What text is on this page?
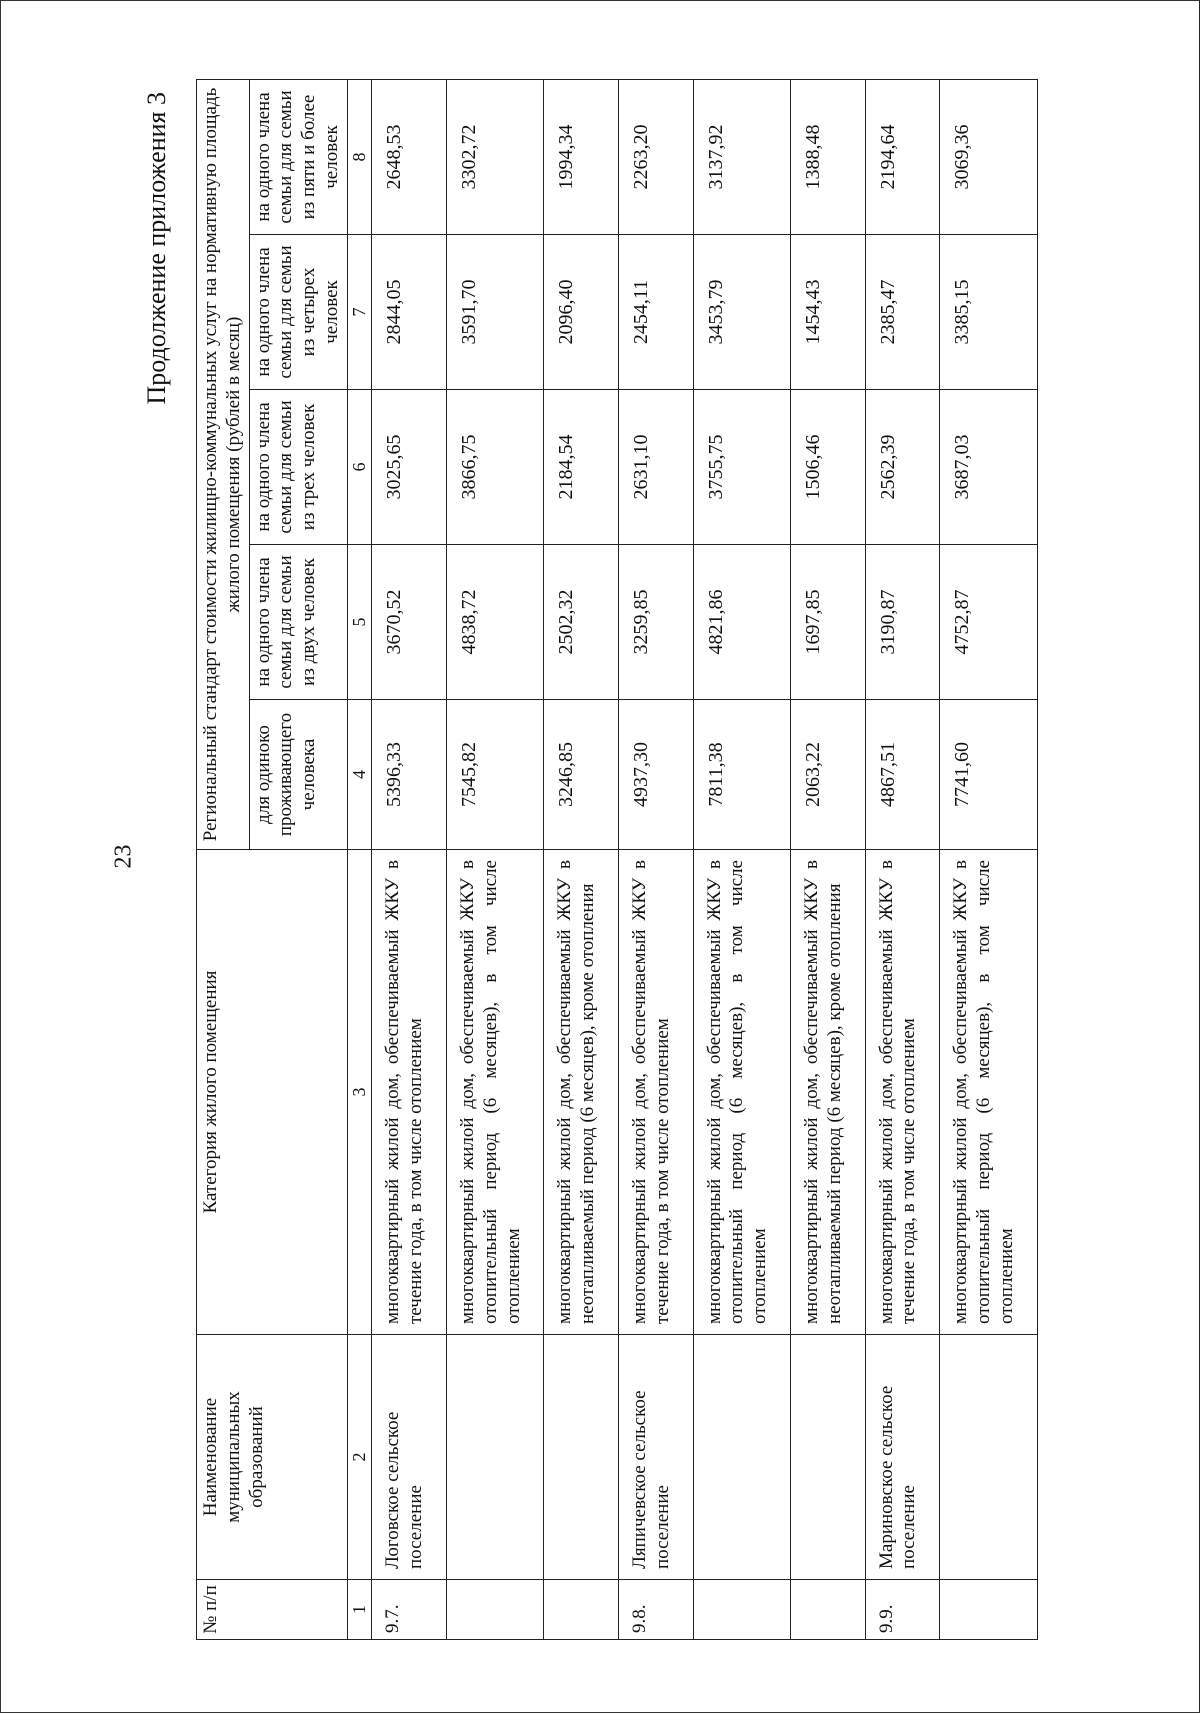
23
Продолжение приложения 3
№ п/п	Наименование муниципальных образований	Категория жилого помещения	Региональный стандарт стоимости жилищно-коммунальных услуг на нормативную площадь жилого помещения (рублей в месяц)				
			для одиноко проживающего человека	на одного члена семьи для семьи из двух человек	на одного члена семьи для семьи из трех человек	на одного члена семьи для семьи из четырех человек	на одного члена семьи для семьи из пяти и более человек
1	2	3	4	5	6	7	8
9.7.	Логовское сельское поселение	многоквартирный жилой дом, обеспечиваемый ЖКУ в течение года, в том числе отоплением	5396,33	3670,52	3025,65	2844,05	2648,53
		многоквартирный жилой дом, обеспечиваемый ЖКУ в отопительный период (6 месяцев), в том числе отоплением	7545,82	4838,72	3866,75	3591,70	3302,72
		многоквартирный жилой дом, обеспечиваемый ЖКУ в неотапливаемый период (6 месяцев), кроме отопления	3246,85	2502,32	2184,54	2096,40	1994,34
9.8.	Ляпичевское сельское поселение	многоквартирный жилой дом, обеспечиваемый ЖКУ в течение года, в том числе отоплением	4937,30	3259,85	2631,10	2454,11	2263,20
		многоквартирный жилой дом, обеспечиваемый ЖКУ в отопительный период (6 месяцев), в том числе отоплением	7811,38	4821,86	3755,75	3453,79	3137,92
		многоквартирный жилой дом, обеспечиваемый ЖКУ в неотапливаемый период (6 месяцев), кроме отопления	2063,22	1697,85	1506,46	1454,43	1388,48
9.9.	Мариновское сельское поселение	многоквартирный жилой дом, обеспечиваемый ЖКУ в течение года, в том числе отоплением	4867,51	3190,87	2562,39	2385,47	2194,64
		многоквартирный жилой дом, обеспечиваемый ЖКУ в отопительный период (6 месяцев), в том числе отоплением	7741,60	4752,87	3687,03	3385,15	3069,36
